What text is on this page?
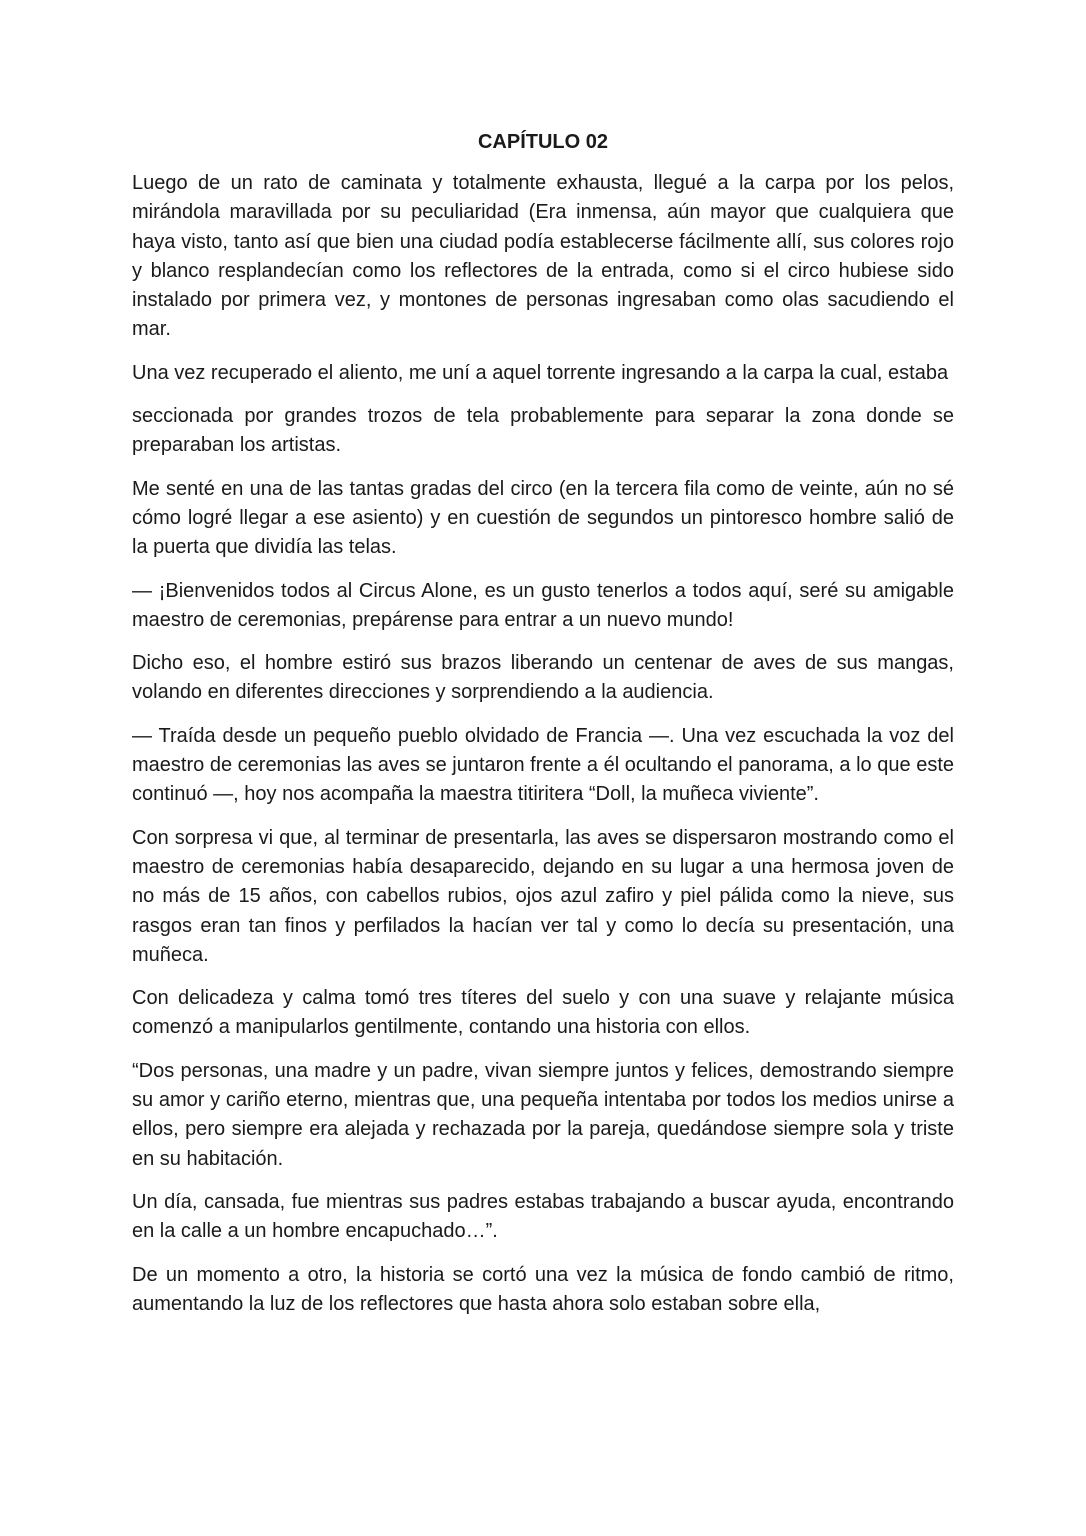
CAPÍTULO 02

Luego de un rato de caminata y totalmente exhausta, llegué a la carpa por los pelos, mirándola maravillada por su peculiaridad (Era inmensa, aún mayor que cualquiera que haya visto, tanto así que bien una ciudad podía establecerse fácilmente allí, sus colores rojo y blanco resplandecían como los reflectores de la entrada, como si el circo hubiese sido instalado por primera vez, y montones de personas ingresaban como olas sacudiendo el mar.

Una vez recuperado el aliento, me uní a aquel torrente ingresando a la carpa la cual, estaba

seccionada por grandes trozos de tela probablemente para separar la zona donde se preparaban los artistas.

Me senté en una de las tantas gradas del circo (en la tercera fila como de veinte, aún no sé cómo logré llegar a ese asiento) y en cuestión de segundos un pintoresco hombre salió de la puerta que dividía las telas.

— ¡Bienvenidos todos al Circus Alone, es un gusto tenerlos a todos aquí, seré su amigable maestro de ceremonias, prepárense para entrar a un nuevo mundo!

Dicho eso, el hombre estiró sus brazos liberando un centenar de aves de sus mangas, volando en diferentes direcciones y sorprendiendo a la audiencia.

— Traída desde un pequeño pueblo olvidado de Francia —. Una vez escuchada la voz del maestro de ceremonias las aves se juntaron frente a él ocultando el panorama, a lo que este continuó —, hoy nos acompaña la maestra titiritera “Doll, la muñeca viviente”.

Con sorpresa vi que, al terminar de presentarla, las aves se dispersaron mostrando como el maestro de ceremonias había desaparecido, dejando en su lugar a una hermosa joven de no más de 15 años, con cabellos rubios, ojos azul zafiro y piel pálida como la nieve, sus rasgos eran tan finos y perfilados la hacían ver tal y como lo decía su presentación, una muñeca.

Con delicadeza y calma tomó tres títeres del suelo y con una suave y relajante música comenzó a manipularlos gentilmente, contando una historia con ellos.

“Dos personas, una madre y un padre, vivan siempre juntos y felices, demostrando siempre su amor y cariño eterno, mientras que, una pequeña intentaba por todos los medios unirse a ellos, pero siempre era alejada y rechazada por la pareja, quedándose siempre sola y triste en su habitación.

Un día, cansada, fue mientras sus padres estabas trabajando a buscar ayuda, encontrando en la calle a un hombre encapuchado…”.

De un momento a otro, la historia se cortó una vez la música de fondo cambió de ritmo, aumentando la luz de los reflectores que hasta ahora solo estaban sobre ella,
